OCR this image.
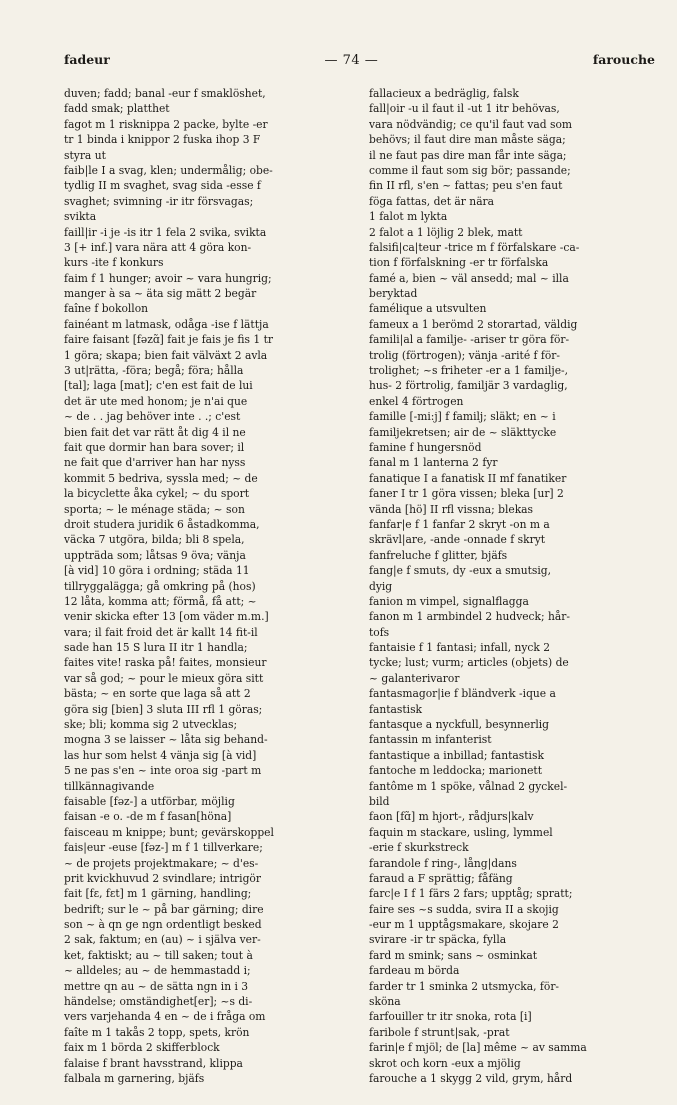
fadeur	— 74 —	farouche
duven; fadd; banal -eur f smaklöshet,
fadd smak; platthet
fagot m 1 risknippa 2 packe, bylte -er
tr 1 binda i knippor 2 fuska ihop 3 F
styra ut
faib|le I a svag, klen; undermålig; obe-
tydlig II m svaghet, svag sida -esse f
svaghet; svimning -ir itr försvagas;
svikta
faill|ir -i je -is itr 1 fela 2 svika, svikta
3 [+ inf.] vara nära att 4 göra kon-
kurs -ite f konkurs
faim f 1 hunger; avoir ~ vara hungrig;
manger à sa ~ äta sig mätt 2 begär
faîne f bokollon
fainéant m latmask, odåga -ise f lättja
faire faisant [fəzɑ̃] fait je fais je fis 1 tr
1 göra; skapa; bien fait välväxt 2 avla
3 ut|rätta, -föra; begå; föra; hålla
[tal]; laga [mat]; c'en est fait de lui
det är ute med honom; je n'ai que
~ de . . jag behöver inte . .; c'est
bien fait det var rätt åt dig 4 il ne
fait que dormir han bara sover; il
ne fait que d'arriver han har nyss
kommit 5 bedriva, syssla med; ~ de
la bicyclette åka cykel; ~ du sport
sporta; ~ le ménage städa; ~ son
droit studera juridik 6 åstadkomma,
väcka 7 utgöra, bilda; bli 8 spela,
uppträda som; låtsas 9 öva; vänja
[à vid] 10 göra i ordning; städa 11
tillryggalägga; gå omkring på (hos)
12 låta, komma att; förmå, få att; ~
venir skicka efter 13 [om väder m.m.]
vara; il fait froid det är kallt 14 fit-il
sade han 15 S lura II itr 1 handla;
faites vite! raska på! faites, monsieur
var så god; ~ pour le mieux göra sitt
bästa; ~ en sorte que laga så att 2
göra sig [bien] 3 sluta III rfl 1 göras;
ske; bli; komma sig 2 utvecklas;
mogna 3 se laisser ~ låta sig behand-
las hur som helst 4 vänja sig [à vid]
5 ne pas s'en ~ inte oroa sig -part m
tillkännagivande
faisable [fəz-] a utförbar, möjlig
faisan -e o. -de m f fasan[höna]
faisceau m knippe; bunt; gevärskoppel
fais|eur -euse [fəz-] m f 1 tillverkare;
~ de projets projektmakare; ~ d'es-
prit kvickhuvud 2 svindlare; intrigör
fait [fɛ, fɛt] m 1 gärning, handling;
bedrift; sur le ~ på bar gärning; dire
son ~ à qn ge ngn ordentligt besked
2 sak, faktum; en (au) ~ i själva ver-
ket, faktiskt; au ~ till saken; tout à
~ alldeles; au ~ de hemmastadd i;
mettre qn au ~ de sätta ngn in i 3
händelse; omständighet[er]; ~s di-
vers varjehanda 4 en ~ de i fråga om
faîte m 1 takås 2 topp, spets, krön
faix m 1 börda 2 skifferblock
falaise f brant havsstrand, klippa
falbala m garnering, bjäfs
fallacieux a bedräglig, falsk
fall|oir -u il faut il -ut 1 itr behövas,
vara nödvändig; ce qu'il faut vad som
behövs; il faut dire man måste säga;
il ne faut pas dire man får inte säga;
comme il faut som sig bör; passande;
fin II rfl, s'en ~ fattas; peu s'en faut
föga fattas, det är nära
1 falot m lykta
2 falot a 1 löjlig 2 blek, matt
falsifi|ca|teur -trice m f förfalskare -ca-
tion f förfalskning -er tr förfalska
famé a, bien ~ väl ansedd; mal ~ illa
beryktad
famélique a utsvulten
fameux a 1 berömd 2 storartad, väldig
famili|al a familje- -ariser tr göra för-
trolig (förtrogen); vänja -arité f för-
trolighet; ~s friheter -er a 1 familje-,
hus- 2 förtrolig, familjär 3 vardaglig,
enkel 4 förtrogen
famille [-mi:j] f familj; släkt; en ~ i
familjekretsen; air de ~ släkttycke
famine f hungersnöd
fanal m 1 lanterna 2 fyr
fanatique I a fanatisk II mf fanatiker
faner I tr 1 göra vissen; bleka [ur] 2
vända [hö] II rfl vissna; blekas
fanfar|e f 1 fanfar 2 skryt -on m a
skrävl|are, -ande -onnade f skryt
fanfreluche f glitter, bjäfs
fang|e f smuts, dy -eux a smutsig,
dyig
fanion m vimpel, signalflagga
fanon m 1 armbindel 2 hudveck; hår-
tofs
fantaisie f 1 fantasi; infall, nyck 2
tycke; lust; vurm; articles (objets) de
~ galanterivaror
fantasmagor|ie f bländverk -ique a
fantastisk
fantasque a nyckfull, besynnerlig
fantassin m infanterist
fantastique a inbillad; fantastisk
fantoche m leddocka; marionett
fantôme m 1 spöke, vålnad 2 gyckel-
bild
faon [fɑ̃] m hjort-, rådjurs|kalv
faquin m stackare, usling, lymmel
-erie f skurkstreck
farandole f ring-, lång|dans
faraud a F sprättig; fåfäng
farc|e I f 1 färs 2 fars; upptåg; spratt;
faire ses ~s sudda, svira II a skojig
-eur m 1 upptågsmakare, skojare 2
svirare -ir tr späcka, fylla
fard m smink; sans ~ osminkat
fardeau m börda
farder tr 1 sminka 2 utsmycka, för-
sköna
farfouiller tr itr snoka, rota [i]
faribole f strunt|sak, -prat
farin|e f mjöl; de [la] même ~ av samma
skrot och korn -eux a mjölig
farouche a 1 skygg 2 vild, grym, hård
